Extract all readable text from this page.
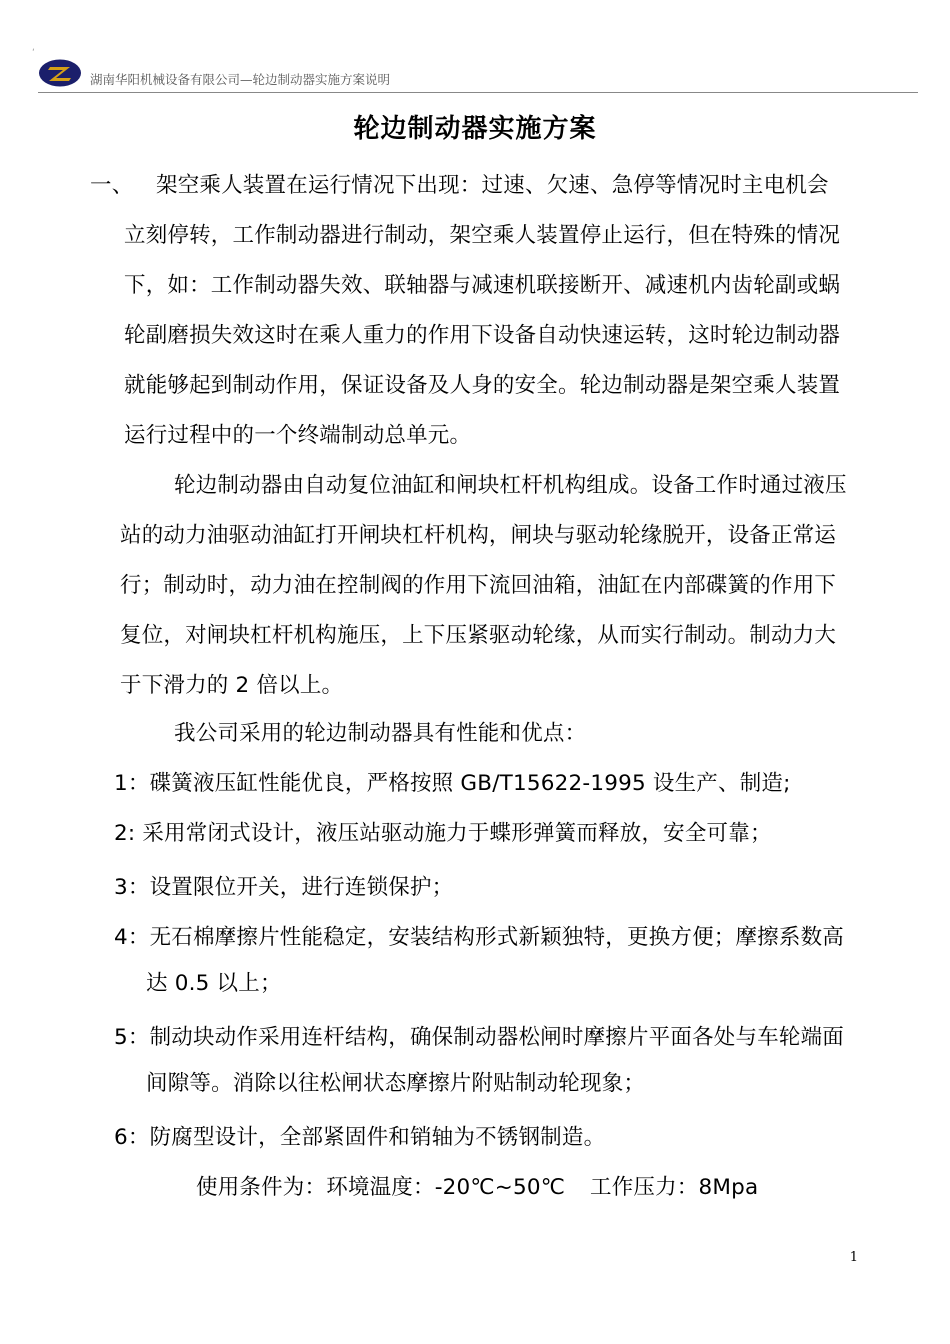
湖南华阳机械设备有限公司—轮边制动器实施方案说明
‘
轮边制动器实施方案
一、 架空乘人装置在运行情况下出现：过速、欠速、急停等情况时主电机会
立刻停转，工作制动器进行制动，架空乘人装置停止运行，但在特殊的情况
下，如：工作制动器失效、联轴器与减速机联接断开、减速机内齿轮副或蜗
轮副磨损失效这时在乘人重力的作用下设备自动快速运转，这时轮边制动器
就能够起到制动作用，保证设备及人身的安全。轮边制动器是架空乘人装置
运行过程中的一个终端制动总单元。
轮边制动器由自动复位油缸和闸块杠杆机构组成。设备工作时通过液压
站的动力油驱动油缸打开闸块杠杆机构，闸块与驱动轮缘脱开，设备正常运
行；制动时，动力油在控制阀的作用下流回油箱，油缸在内部碟簧的作用下
复位，对闸块杠杆机构施压，上下压紧驱动轮缘，从而实行制动。制动力大
于下滑力的 2 倍以上。
我公司采用的轮边制动器具有性能和优点：
1：碟簧液压缸性能优良，严格按照 GB/T15622-1995 设生产、制造;
2: 采用常闭式设计，液压站驱动施力于蝶形弹簧而释放，安全可靠；
3：设置限位开关，进行连锁保护；
4：无石棉摩擦片性能稳定，安装结构形式新颖独特，更换方便；摩擦系数高
达 0.5 以上；
5：制动块动作采用连杆结构，确保制动器松闸时摩擦片平面各处与车轮端面
间隙等。消除以往松闸状态摩擦片附贴制动轮现象；
6：防腐型设计，全部紧固件和销轴为不锈钢制造。
使用条件为：环境温度：-20℃~50℃ 工作压力：8Mpa
1
